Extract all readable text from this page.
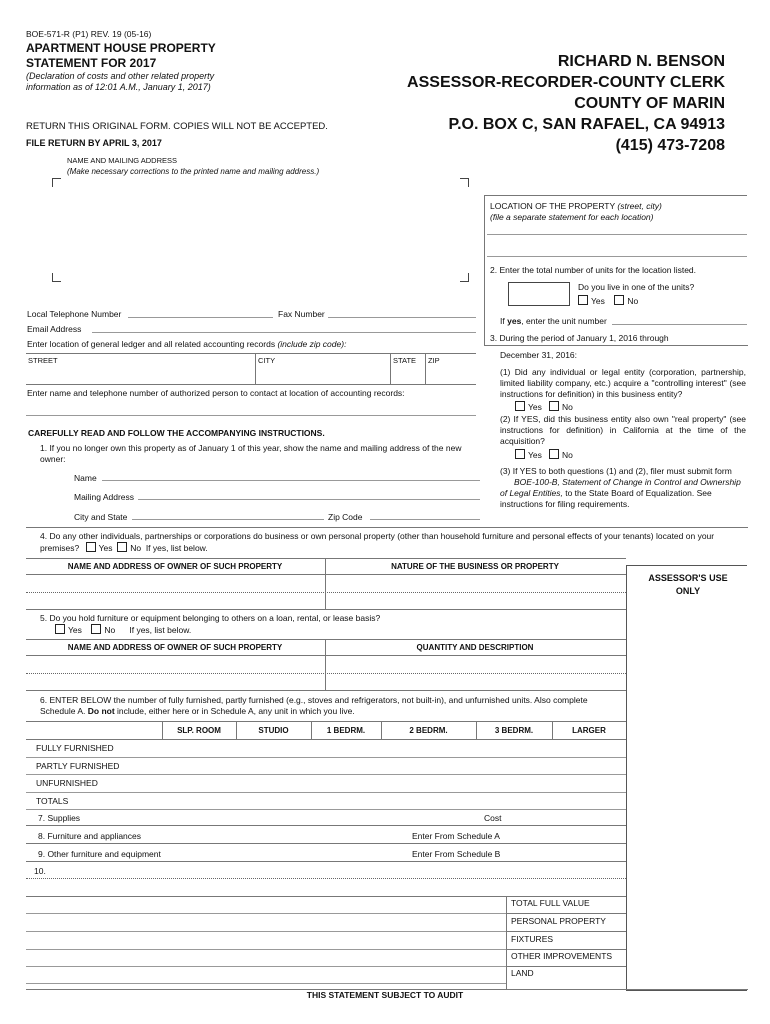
BOE-571-R (P1) REV. 19 (05-16)
APARTMENT HOUSE PROPERTY
STATEMENT FOR 2017
(Declaration of costs and other related property information as of 12:01 A.M., January 1, 2017)
RETURN THIS ORIGINAL FORM. COPIES WILL NOT BE ACCEPTED.
FILE RETURN BY APRIL 3, 2017
RICHARD N. BENSON
ASSESSOR-RECORDER-COUNTY CLERK
COUNTY OF MARIN
P.O. BOX C, SAN RAFAEL, CA 94913
(415) 473-7208
NAME AND MAILING ADDRESS
(Make necessary corrections to the printed name and mailing address.)
LOCATION OF THE PROPERTY (street, city)
(file a separate statement for each location)
2. Enter the total number of units for the location listed.
Do you live in one of the units?
Yes	No
If yes, enter the unit number
Local Telephone Number	Fax Number
Email Address
Enter location of general ledger and all related accounting records (include zip code):
STREET	CITY	STATE ZIP
Enter name and telephone number of authorized person to contact at location of accounting records:
3. During the period of January 1, 2016 through
December 31, 2016:
(1) Did any individual or legal entity (corporation, partnership, limited liability company, etc.) acquire a "controlling interest" (see instructions for definition) in this business entity?
Yes No
(2) If YES, did this business entity also own "real property" (see instructions for definition) in California at the time of the acquisition?
Yes No
(3) If YES to both questions (1) and (2), filer must submit form
BOE-100-B, Statement of Change in Control and Ownership of Legal Entities, to the State Board of Equalization. See instructions for filing requirements.
CAREFULLY READ AND FOLLOW THE ACCOMPANYING INSTRUCTIONS.
1. If you no longer own this property as of January 1 of this year, show the name and mailing address of the new owner:
Name
Mailing Address
City and State	Zip Code
4. Do any other individuals, partnerships or corporations do business or own personal property (other than household furniture and personal effects of your tenants) located on your premises? Yes No If yes, list below.
NAME AND ADDRESS OF OWNER OF SUCH PROPERTY	NATURE OF THE BUSINESS OR PROPERTY
ASSESSOR'S USE ONLY
5. Do you hold furniture or equipment belonging to others on a loan, rental, or lease basis?
Yes	No If yes, list below.
NAME AND ADDRESS OF OWNER OF SUCH PROPERTY	QUANTITY AND DESCRIPTION
6. ENTER BELOW the number of fully furnished, partly furnished (e.g., stoves and refrigerators, not built-in), and unfurnished units. Also complete Schedule A. Do not include, either here or in Schedule A, any unit in which you live.
SLP. ROOM	STUDIO	1 BEDRM.	2 BEDRM.	3 BEDRM.	LARGER
FULLY FURNISHED
PARTLY FURNISHED
UNFURNISHED
TOTALS
7. Supplies	Cost
8. Furniture and appliances	Enter From Schedule A
9. Other furniture and equipment	Enter From Schedule B
10.
TOTAL FULL VALUE
PERSONAL PROPERTY
FIXTURES
OTHER IMPROVEMENTS
LAND
THIS STATEMENT SUBJECT TO AUDIT
